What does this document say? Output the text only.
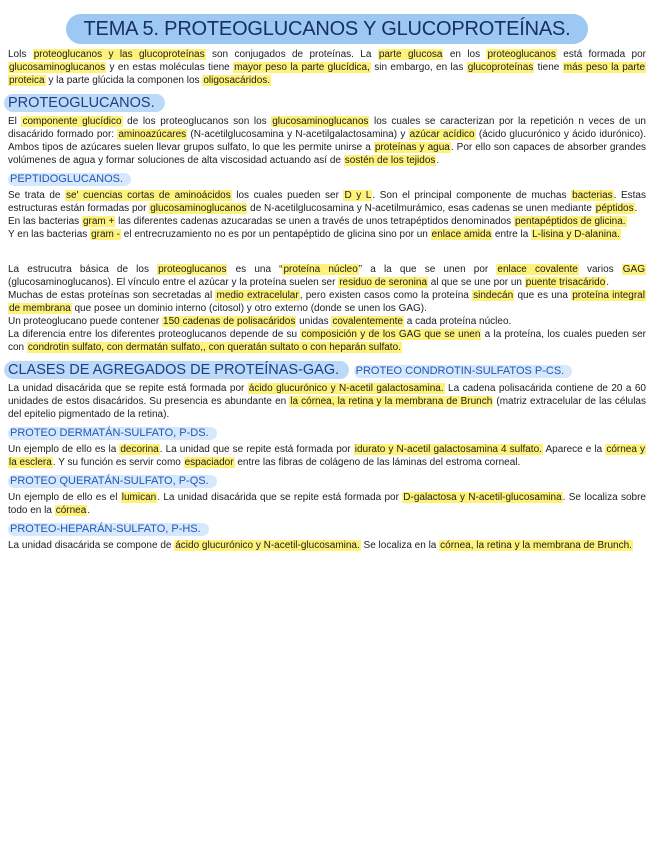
TEMA 5. PROTEOGLUCANOS Y GLUCOPROTEÍNAS.

Lols proteoglucanos y las glucoproteínas son conjugados de proteínas. La parte glucosa en los proteoglucanos está formada por glucosaminoglucanos y en estas moléculas tiene mayor peso la parte glucídica, sin embargo, en las glucoproteínas tiene más peso la parte proteica y la parte glúcida la componen los oligosacáridos.

PROTEOGLUCANOS.

El componente glucídico de los proteoglucanos son los glucosaminoglucanos los cuales se caracterizan por la repetición n veces de un disacárido formado por: aminoazúcares (N-acetilglucosamina y N-acetilgalactosamina) y azúcar acídico (ácido glucurónico y ácido idurónico). Ambos tipos de azúcares suelen llevar grupos sulfato, lo que les permite unirse a proteínas y agua. Por ello son capaces de absorber grandes volúmenes de agua y formar soluciones de alta viscosidad actuando así de sostén de los tejidos.

PEPTIDOGLUCANOS.

Se trata de se' cuencias cortas de aminoácidos los cuales pueden ser D y L. Son el principal componente de muchas bacterias. Estas estructuras están formadas por glucosaminoglucanos de N-acetilglucosamina y N-acetilmurámico, esas cadenas se unen mediante péptidos.

En las bacterias gram + las diferentes cadenas azucaradas se unen a través de unos tetrapéptidos denominados pentapéptidos de glicina.

Y en las bacterias gram - el entrecruzamiento no es por un pentapéptido de glicina sino por un enlace amida entre la L-lisina y D-alanina.

La estrucutra básica de los proteoglucanos es una “proteína núcleo” a la que se unen por enlace covalente varios GAG (glucosaminoglucanos). El vínculo entre el azúcar y la proteína suelen ser residuo de seronina al que se une por un puente trisacárido.

Muchas de estas proteínas son secretadas al medio extracelular, pero existen casos como la proteína sindecán que es una proteína integral de membrana que posee un dominio interno (citosol) y otro externo (donde se unen los GAG).

Un proteoglucano puede contener 150 cadenas de polisacáridos unidas covalentemente a cada proteína núcleo.

La diferencia entre los diferentes proteoglucanos depende de su composición y de los GAG que se unen a la proteína, los cuales pueden ser con condrotin sulfato, con dermatán sulfato,, con queratán sultato o con heparán sulfato.

CLASES DE AGREGADOS DE PROTEÍNAS-GAG. PROTEO CONDROTIN-SULFATOS P-CS.

La unidad disacárida que se repite está formada por ácido glucurónico y N-acetil galactosamina. La cadena polisacárida contiene de 20 a 60 unidades de estos disacáridos. Su presencia es abundante en la córnea, la retina y la membrana de Brunch (matriz extracelular de las células del epitelio pigmentado de la retina).

PROTEO DERMATÁN-SULFATO, P-DS.

Un ejemplo de ello es la decorina. La unidad que se repite está formada por idurato y N-acetil galactosamina 4 sulfato. Aparece e la córnea y la esclera. Y su función es servir como espaciador entre las fibras de colágeno de las láminas del estroma corneal.

PROTEO QUERATÁN-SULFATO, P-QS.

Un ejemplo de ello es el lumican. La unidad disacárida que se repite está formada por D-galactosa y N-acetil-glucosamina. Se localiza sobre todo en la córnea.

PROTEO-HEPARÁN-SULFATO, P-HS.

La unidad disacárida se compone de ácido glucurónico y N-acetil-glucosamina. Se localiza en la córnea, la retina y la membrana de Brunch.
